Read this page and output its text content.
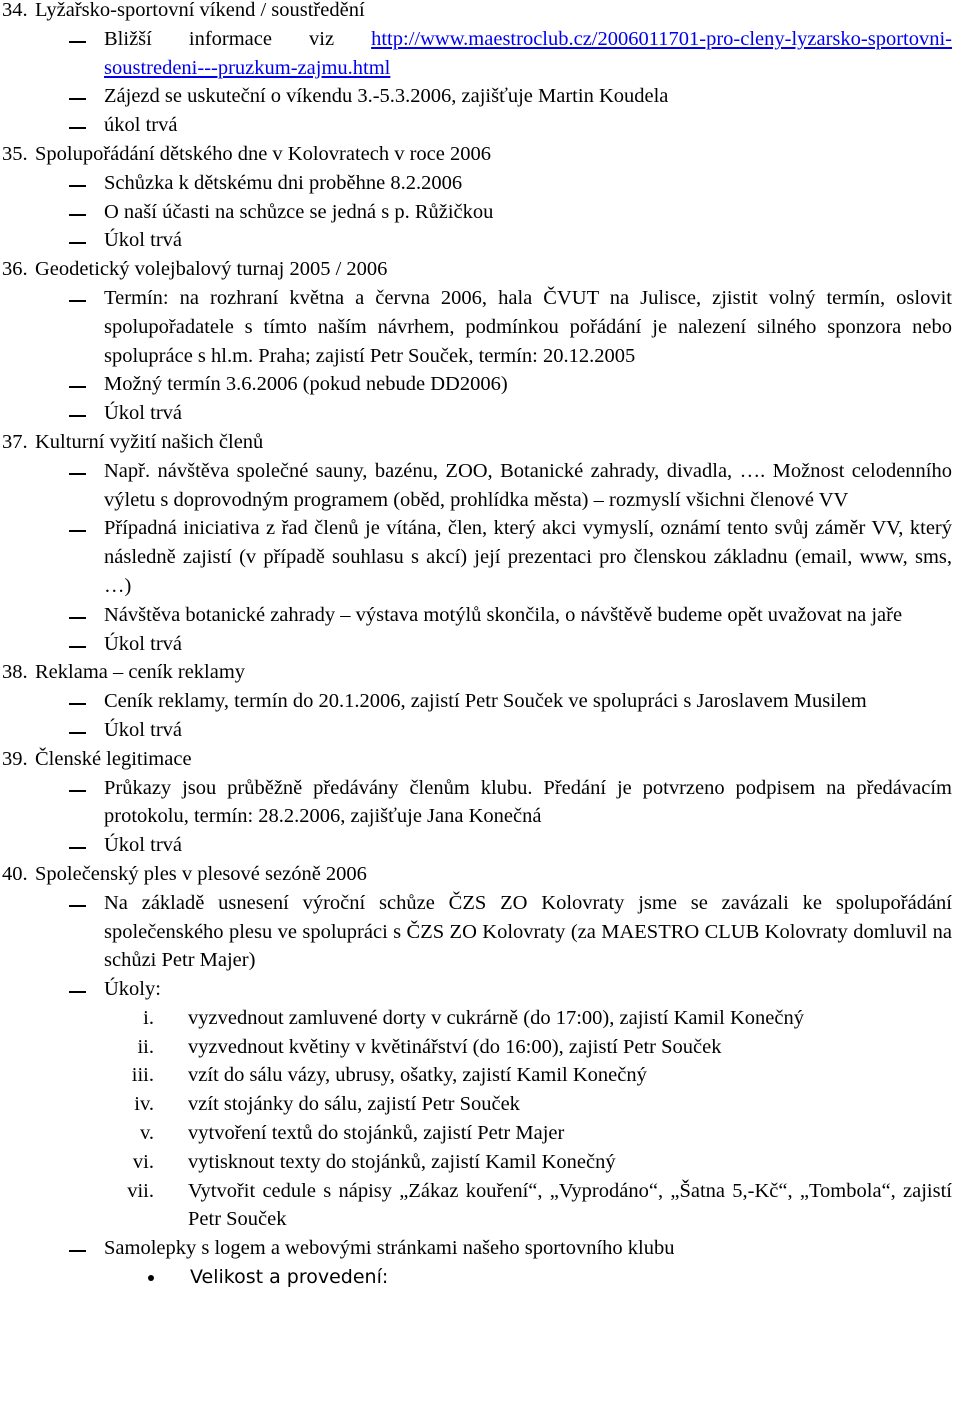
34. Lyžařsko-sportovní víkend / soustředění
Bližší informace viz http://www.maestroclub.cz/2006011701-pro-cleny-lyzarsko-sportovni-soustredeni---pruzkum-zajmu.html
Zájezd se uskuteční o víkendu 3.-5.3.2006, zajišťuje Martin Koudela
úkol trvá
35. Spolupořádání dětského dne v Kolovratech v roce 2006
Schůzka k dětskému dni proběhne 8.2.2006
O naší účasti na schůzce se jedná s p. Růžičkou
Úkol trvá
36. Geodetický volejbalový turnaj 2005 / 2006
Termín: na rozhraní května a června 2006, hala ČVUT na Julisce, zjistit volný termín, oslovit spolupořadatele s tímto naším návrhem, podmínkou pořádání je nalezení silného sponzora nebo spolupráce s hl.m. Praha; zajistí Petr Souček, termín: 20.12.2005
Možný termín 3.6.2006 (pokud nebude DD2006)
Úkol trvá
37. Kulturní vyžití našich členů
Např. návštěva společné sauny, bazénu, ZOO, Botanické zahrady, divadla, …. Možnost celodenního výletu s doprovodným programem (oběd, prohlídka města) – rozmyslí všichni členové VV
Případná iniciativa z řad členů je vítána, člen, který akci vymyslí, oznámí tento svůj záměr VV, který následně zajistí (v případě souhlasu s akcí) její prezentaci pro členskou základnu (email, www, sms, …)
Návštěva botanické zahrady – výstava motýlů skončila, o návštěvě budeme opět uvažovat na jaře
Úkol trvá
38. Reklama – ceník reklamy
Ceník reklamy, termín do 20.1.2006, zajistí Petr Souček ve spolupráci s Jaroslavem Musilem
Úkol trvá
39. Členské legitimace
Průkazy jsou průběžně předávány členům klubu. Předání je potvrzeno podpisem na předávacím protokolu, termín: 28.2.2006, zajišťuje Jana Konečná
Úkol trvá
40. Společenský ples v plesové sezóně 2006
Na základě usnesení výroční schůze ČZS ZO Kolovraty jsme se zavázali ke spolupořádání společenského plesu ve spolupráci s ČZS ZO Kolovraty (za MAESTRO CLUB Kolovraty domluvil na schůzi Petr Majer)
Úkoly:
i. vyzvednout zamluvené dorty v cukrárně (do 17:00), zajistí Kamil Konečný
ii. vyzvednout květiny v květinářství (do 16:00), zajistí Petr Souček
iii. vzít do sálu vázy, ubrusy, ošatky, zajistí Kamil Konečný
iv. vzít stojánky do sálu, zajistí Petr Souček
v. vytvoření textů do stojánků, zajistí Petr Majer
vi. vytisknout texty do stojánků, zajistí Kamil Konečný
vii. Vytvořit cedule s nápisy „Zákaz kouření“, „Vyprodáno“, „Šatna 5,-Kč“, „Tombola“, zajistí Petr Souček
Samolepky s logem a webovými stránkami našeho sportovního klubu
Velikost a provedení:
